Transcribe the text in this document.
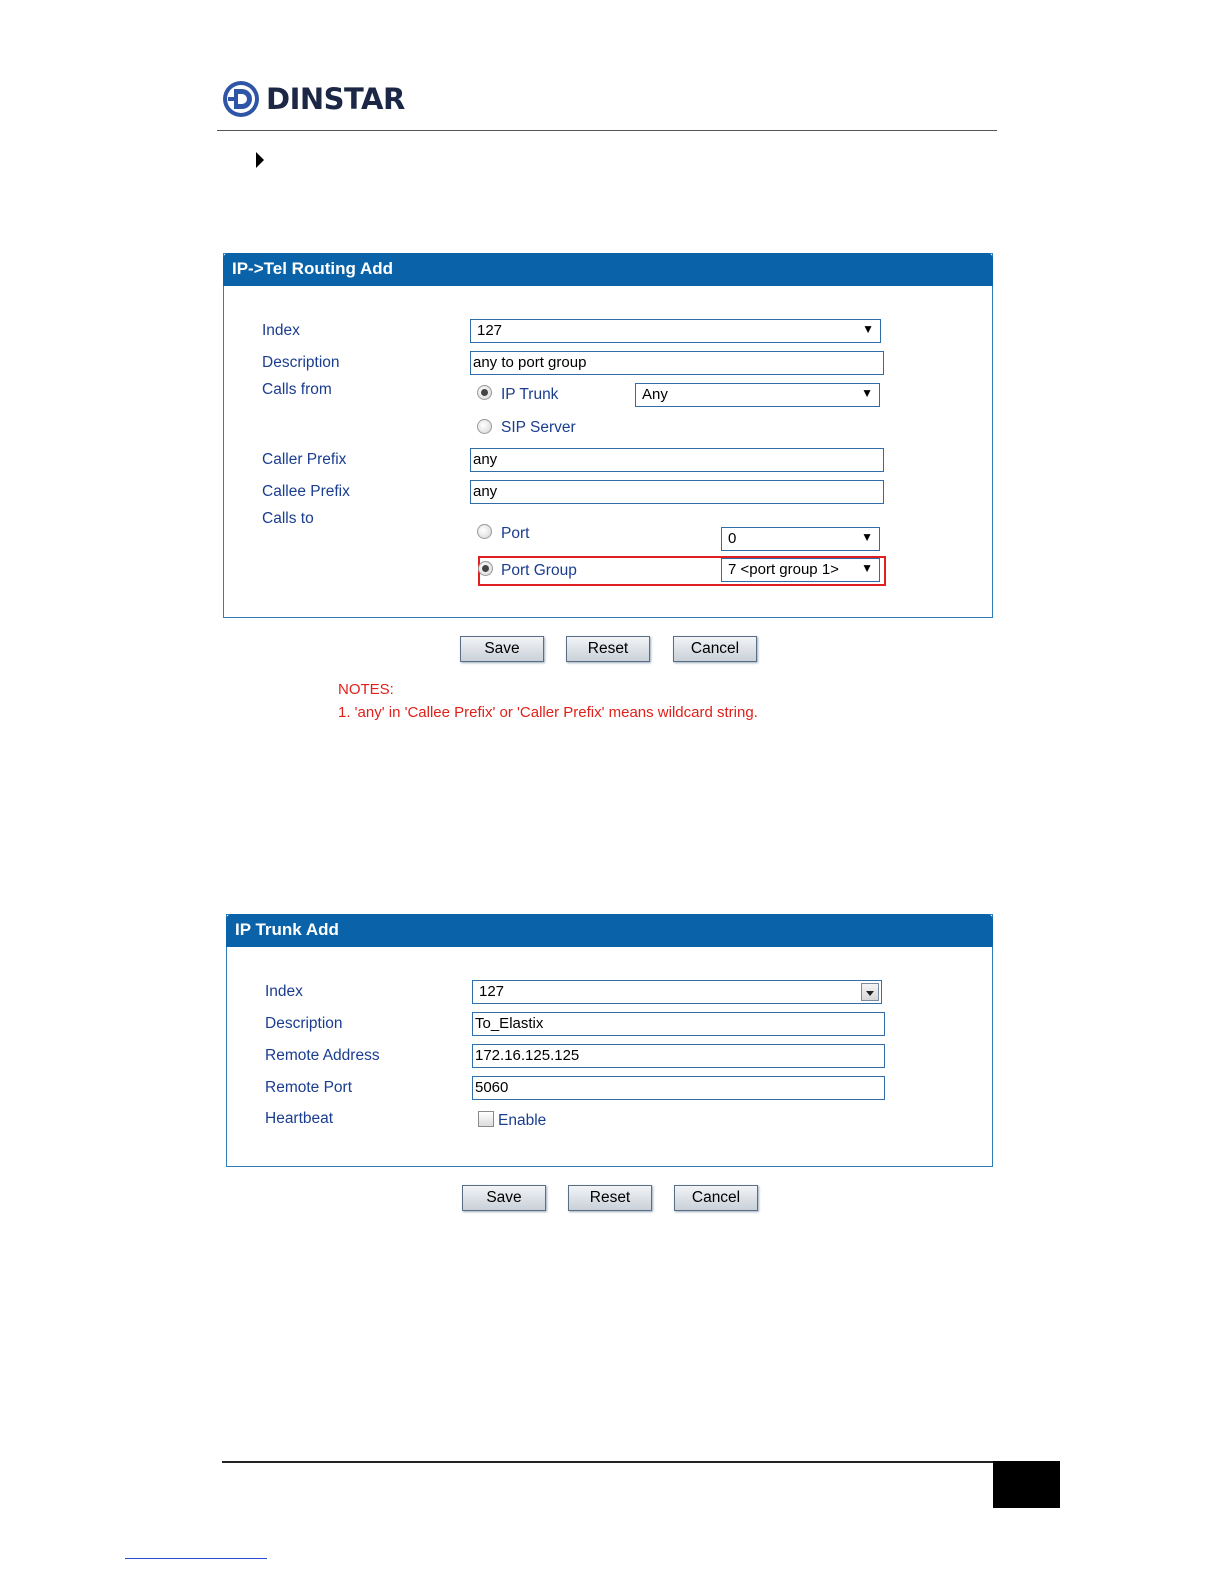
DINSTAR
IP->Tel Routing Add
Index	127	▼
Description	any to port group
Calls from	IP Trunk	Any	▼
SIP Server
Caller Prefix	any
Callee Prefix	any
Calls to
Port	0	▼
Port Group	7 <port group 1> ▼
Save	Reset	Cancel
NOTES:
1. 'any' in 'Callee Prefix' or 'Caller Prefix' means wildcard string.
IP Trunk Add
Index	127
Description	To_Elastix
Remote Address	172.16.125.125
Remote Port	5060
Heartbeat	Enable
Save	Reset	Cancel
